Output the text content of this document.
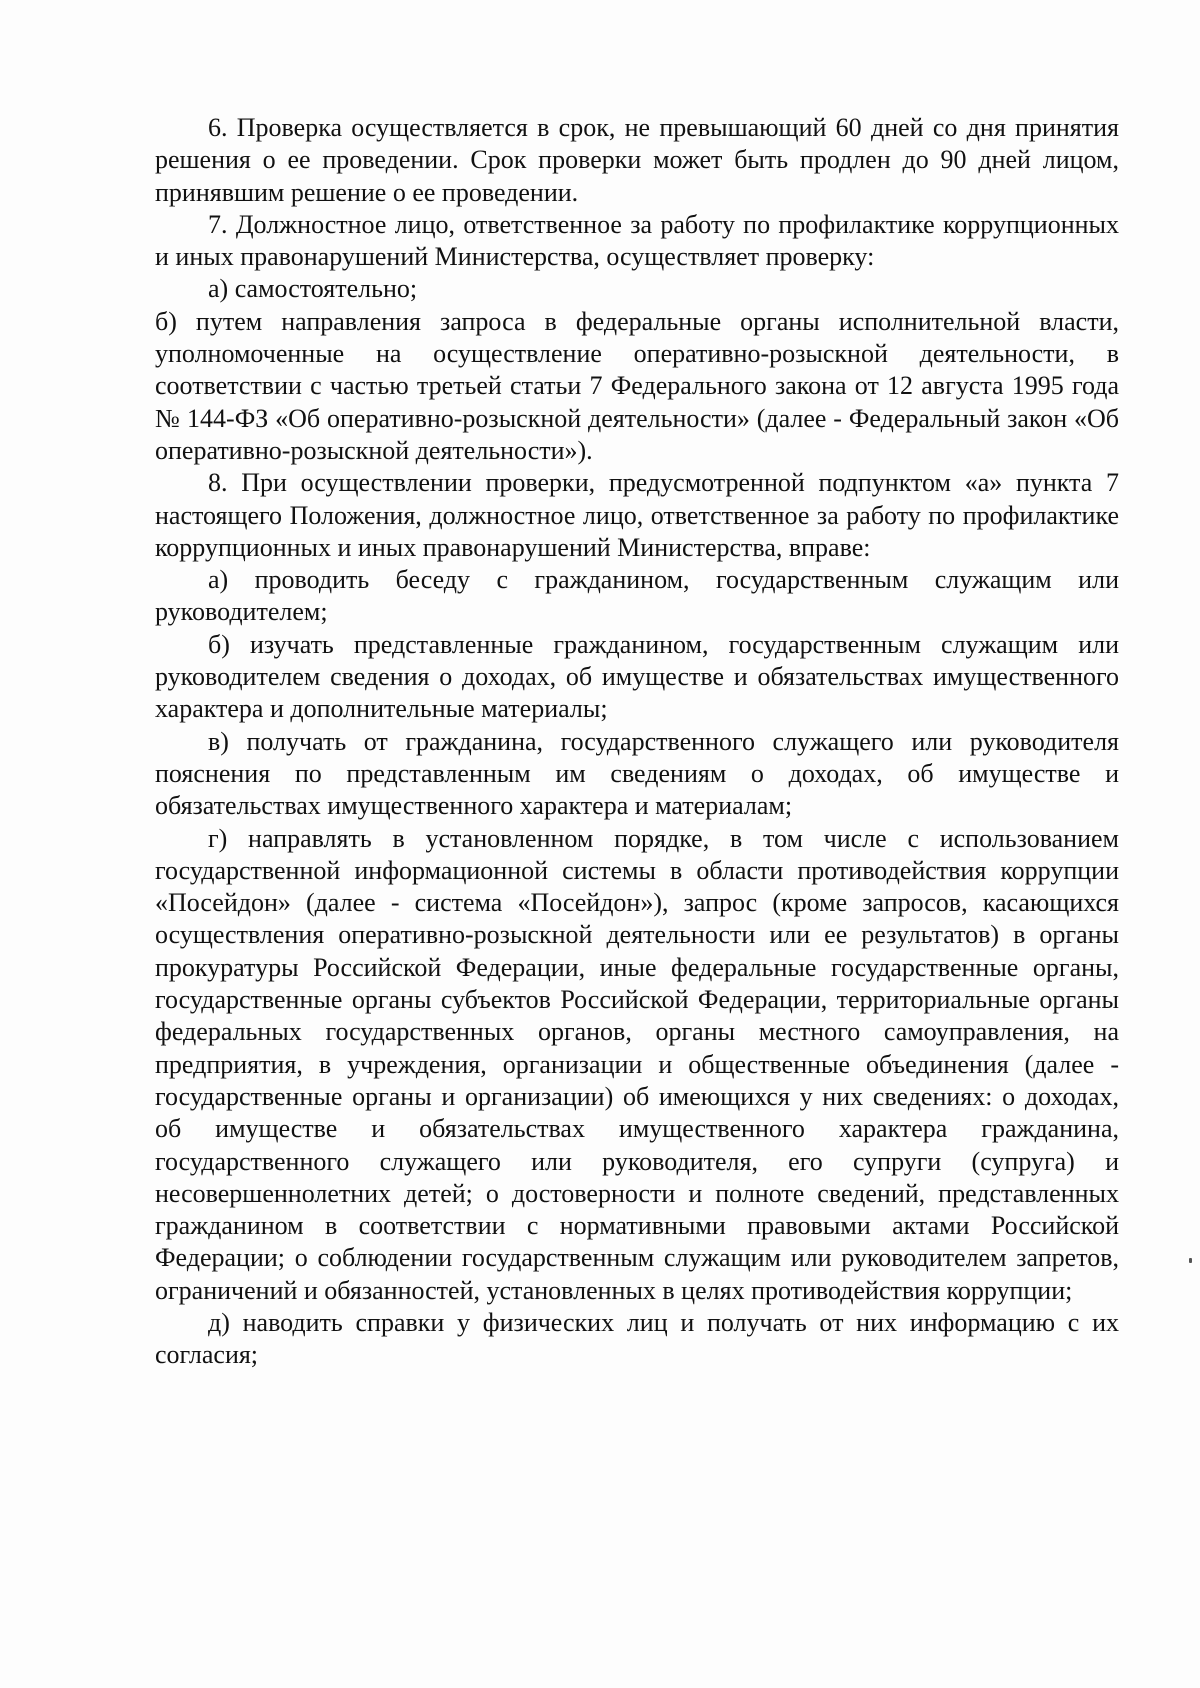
6. Проверка осуществляется в срок, не превышающий 60 дней со дня принятия решения о ее проведении. Срок проверки может быть продлен до 90 дней лицом, принявшим решение о ее проведении.

7. Должностное лицо, ответственное за работу по профилактике коррупционных и иных правонарушений Министерства, осуществляет проверку:

а) самостоятельно;

б) путем направления запроса в федеральные органы исполнительной власти, уполномоченные на осуществление оперативно-розыскной деятельности, в соответствии с частью третьей статьи 7 Федерального закона от 12 августа 1995 года № 144-ФЗ «Об оперативно-розыскной деятельности» (далее - Федеральный закон «Об оперативно-розыскной деятельности»).

8. При осуществлении проверки, предусмотренной подпунктом «а» пункта 7 настоящего Положения, должностное лицо, ответственное за работу по профилактике коррупционных и иных правонарушений Министерства, вправе:

а) проводить беседу с гражданином, государственным служащим или руководителем;

б) изучать представленные гражданином, государственным служащим или руководителем сведения о доходах, об имуществе и обязательствах имущественного характера и дополнительные материалы;

в) получать от гражданина, государственного служащего или руководителя пояснения по представленным им сведениям о доходах, об имуществе и обязательствах имущественного характера и материалам;

г) направлять в установленном порядке, в том числе с использованием государственной информационной системы в области противодействия коррупции «Посейдон» (далее - система «Посейдон»), запрос (кроме запросов, касающихся осуществления оперативно-розыскной деятельности или ее результатов) в органы прокуратуры Российской Федерации, иные федеральные государственные органы, государственные органы субъектов Российской Федерации, территориальные органы федеральных государственных органов, органы местного самоуправления, на предприятия, в учреждения, организации и общественные объединения (далее - государственные органы и организации) об имеющихся у них сведениях: о доходах, об имуществе и обязательствах имущественного характера гражданина, государственного служащего или руководителя, его супруги (супруга) и несовершеннолетних детей; о достоверности и полноте сведений, представленных гражданином в соответствии с нормативными правовыми актами Российской Федерации; о соблюдении государственным служащим или руководителем запретов, ограничений и обязанностей, установленных в целях противодействия коррупции;

д) наводить справки у физических лиц и получать от них информацию с их согласия;
